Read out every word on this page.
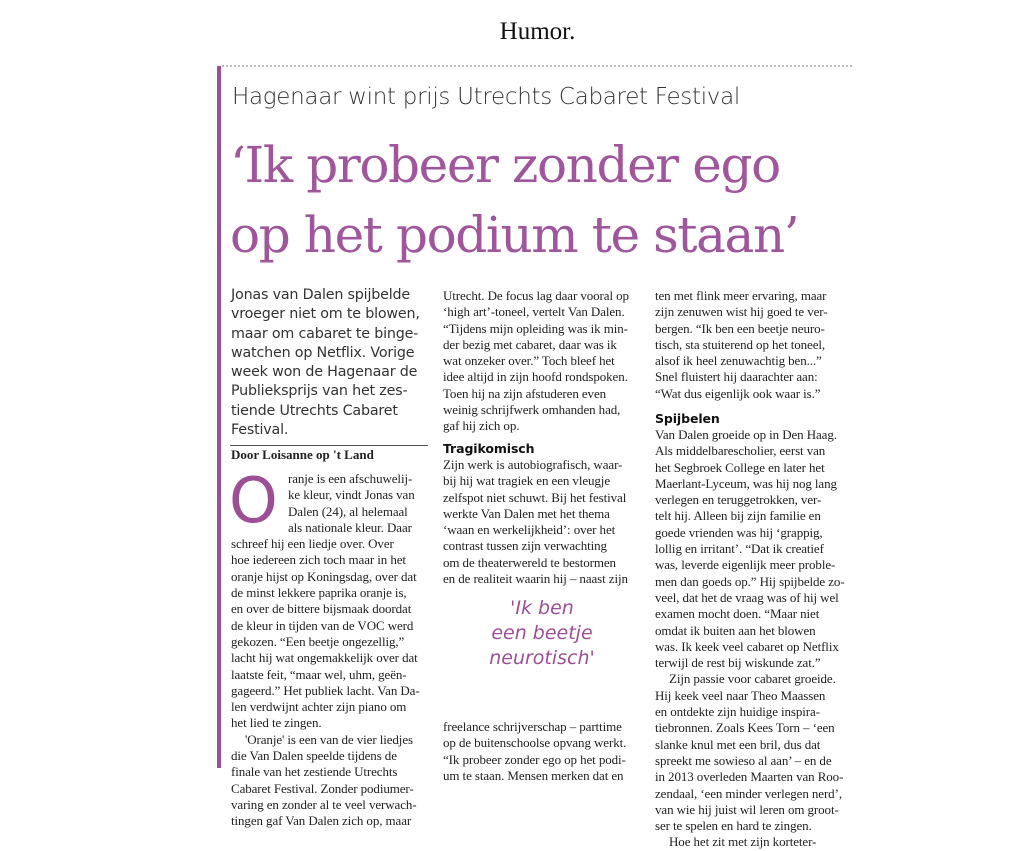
Humor.
Hagenaar wint prijs Utrechts Cabaret Festival
‘Ik probeer zonder ego
op het podium te staan’
Jonas van Dalen spijbelde
vroeger niet om te blowen,
maar om cabaret te binge-
watchen op Netflix. Vorige
week won de Hagenaar de
Publieksprijs van het zes-
tiende Utrechts Cabaret
Festival.
Door Loisanne op 't Land
O ranje is een afschuwelij-
ke kleur, vindt Jonas van
Dalen (24), al helemaal
als nationale kleur. Daar
schreef hij een liedje over. Over
hoe iedereen zich toch maar in het
oranje hijst op Koningsdag, over dat
de minst lekkere paprika oranje is,
en over de bittere bijsmaak doordat
de kleur in tijden van de VOC werd
gekozen. “Een beetje ongezellig,”
lacht hij wat ongemakkelijk over dat
laatste feit, “maar wel, uhm, geën-
gageerd.” Het publiek lacht. Van Da-
len verdwijnt achter zijn piano om
het lied te zingen.
'Oranje' is een van de vier liedjes
die Van Dalen speelde tijdens de
finale van het zestiende Utrechts
Cabaret Festival. Zonder podiumer-
varing en zonder al te veel verwach-
tingen gaf Van Dalen zich op, maar
Utrecht. De focus lag daar vooral op
‘high art’-toneel, vertelt Van Dalen.
“Tijdens mijn opleiding was ik min-
der bezig met cabaret, daar was ik
wat onzeker over.” Toch bleef het
idee altijd in zijn hoofd rondspoken.
Toen hij na zijn afstuderen even
weinig schrijfwerk omhanden had,
gaf hij zich op.
Tragikomisch
Zijn werk is autobiografisch, waar-
bij hij wat tragiek en een vleugje
zelfspot niet schuwt. Bij het festival
werkte Van Dalen met het thema
‘waan en werkelijkheid’: over het
contrast tussen zijn verwachting
om de theaterwereld te bestormen
en de realiteit waarin hij – naast zijn
'Ik ben
een beetje
neurotisch'
freelance schrijverschap – parttime
op de buitenschoolse opvang werkt.
“Ik probeer zonder ego op het podi-
um te staan. Mensen merken dat en
ten met flink meer ervaring, maar
zijn zenuwen wist hij goed te ver-
bergen. “Ik ben een beetje neuro-
tisch, sta stuiterend op het toneel,
alsof ik heel zenuwachtig ben...”
Snel fluistert hij daarachter aan:
“Wat dus eigenlijk ook waar is.”
Spijbelen
Van Dalen groeide op in Den Haag.
Als middelbarescholier, eerst van
het Segbroek College en later het
Maerlant-Lyceum, was hij nog lang
verlegen en teruggetrokken, ver-
telt hij. Alleen bij zijn familie en
goede vrienden was hij ‘grappig,
lollig en irritant’. “Dat ik creatief
was, leverde eigenlijk meer proble-
men dan goeds op.” Hij spijbelde zo-
veel, dat het de vraag was of hij wel
examen mocht doen. “Maar niet
omdat ik buiten aan het blowen
was. Ik keek veel cabaret op Netflix
terwijl de rest bij wiskunde zat.”
Zijn passie voor cabaret groeide.
Hij keek veel naar Theo Maassen
en ontdekte zijn huidige inspira-
tiebronnen. Zoals Kees Torn – ‘een
slanke knul met een bril, dus dat
spreekt me sowieso al aan’ – en de
in 2013 overleden Maarten van Roo-
zendaal, ‘een minder verlegen nerd’,
van wie hij juist wil leren om groot-
ser te spelen en hard te zingen.
Hoe het zit met zijn korteter-
